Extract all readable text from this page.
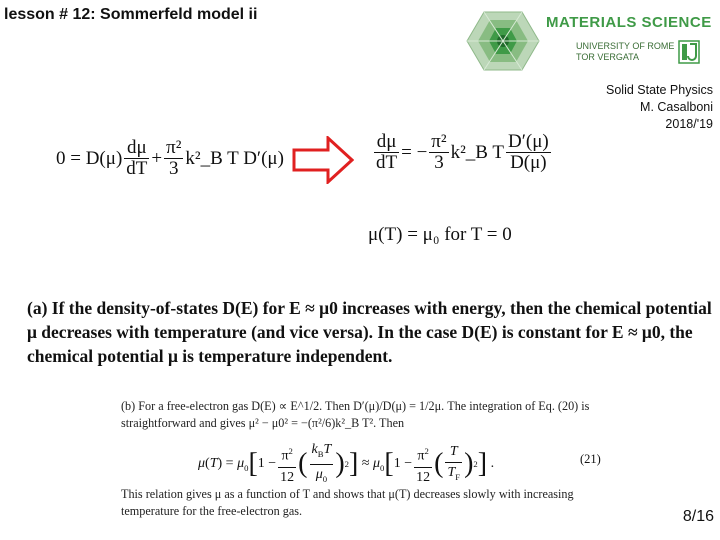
lesson # 12: Sommerfeld model ii	MATERIALS SCIENCE
UNIVERSITY OF ROME
TOR VERGATA
Solid State Physics
M. Casalboni
2018/'19
$0 = D(\mu) \frac{d\mu}{dT} + \frac{\text{π²}}{3}$ k²_B T D′(μ)	$\frac{d\mu}{dT}$ = − $\frac{\text{π²}}{3}$ k²_B T $\frac{D'(\mu)}{D(\mu)}$
μ(T) = μ₀ for T = 0
(a) If the density-of-states D(E) for E ≈ μ0 increases with energy, then the chemical potential μ decreases with temperature (and vice versa). In the case D(E) is constant for E ≈ μ0, the chemical potential μ is temperature independent.
(b) For a free-electron gas D(E) ∝ E^1/2. Then D′(μ)/D(μ) = 1/2μ. The integration of Eq. (20) is straightforward and gives μ² − μ0² = −(π²/6)k²_B T². Then
$\mu(T) = \mu_0$ [ $1 - \frac{\pi^2}{12}$ ( $\frac{k_BT}{\mu_0}$ ) 2 ] ≈ $\mu_0$ [ $1 - \frac{\pi^2}{12}$ ( $\frac{T}{T_F}$ ) 2 ] .	(21)
This relation gives μ as a function of T and shows that μ(T) decreases slowly with increasing temperature for the free-electron gas.	8/16
